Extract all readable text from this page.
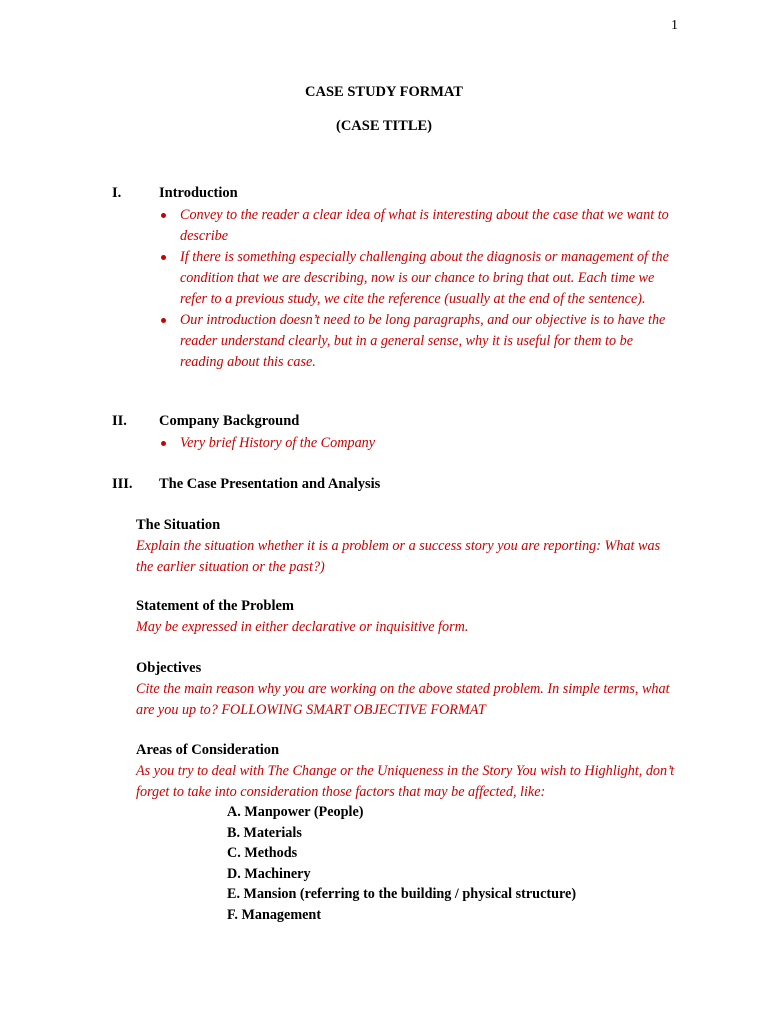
1
CASE STUDY FORMAT
(CASE TITLE)
I.	Introduction
Convey to the reader a clear idea of what is interesting about the case that we want to describe
If there is something especially challenging about the diagnosis or management of the condition that we are describing, now is our chance to bring that out. Each time we refer to a previous study, we cite the reference (usually at the end of the sentence).
Our introduction doesn’t need to be long paragraphs, and our objective is to have the reader understand clearly, but in a general sense, why it is useful for them to be reading about this case.
II.	Company Background
Very brief History of the Company
III.	The Case Presentation and Analysis
The Situation
Explain the situation whether it is a problem or a success story you are reporting: What was the earlier situation or the past?)
Statement of the Problem
May be expressed in either declarative or inquisitive form.
Objectives
Cite the main reason why you are working on the above stated problem. In simple terms, what are you up to? FOLLOWING SMART OBJECTIVE FORMAT
Areas of Consideration
As you try to deal with The Change or the Uniqueness in the Story You wish to Highlight, don’t forget to take into consideration those factors that may be affected, like:
A. Manpower (People)
B. Materials
C. Methods
D. Machinery
E. Mansion (referring to the building / physical structure)
F. Management
